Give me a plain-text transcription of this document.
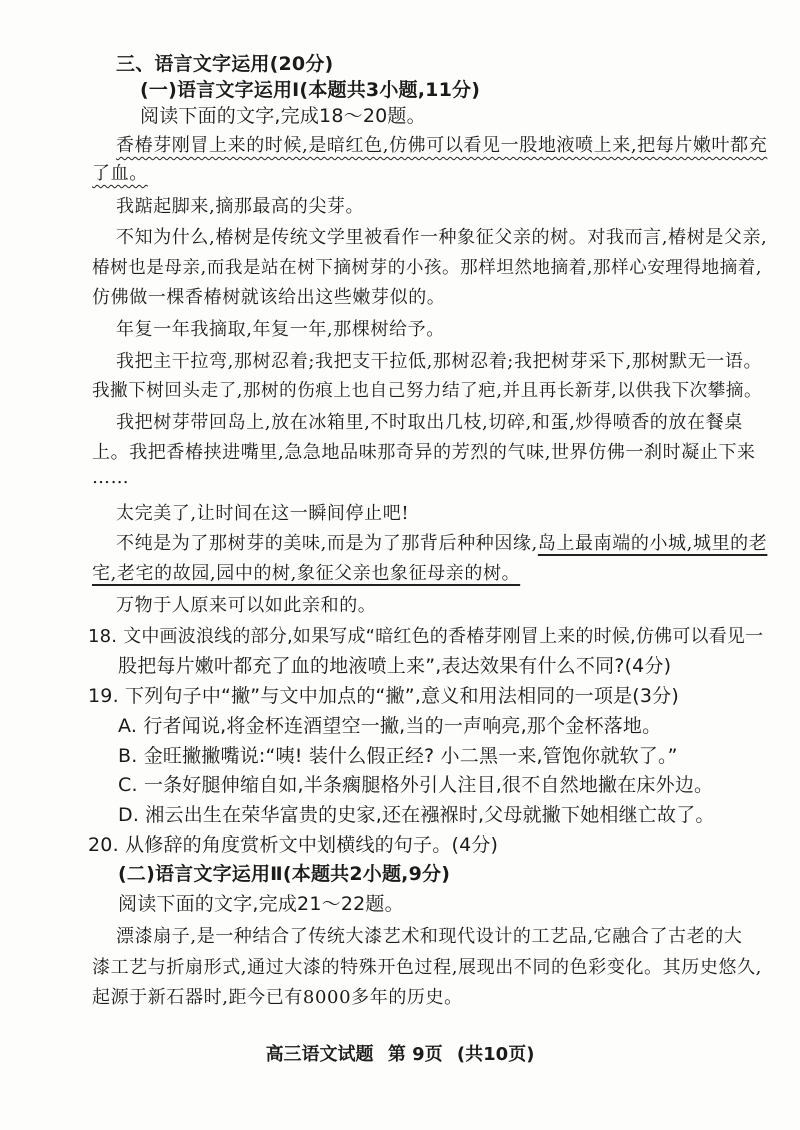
三、语言文字运用(20分)
(一)语言文字运用Ⅰ(本题共3小题,11分)
阅读下面的文字,完成18～20题。
香椿芽刚冒上来的时候,是暗红色,仿佛可以看见一股地液喷上来,把每片嫩叶都充
了血。
我踮起脚来,摘那最高的尖芽。
不知为什么,椿树是传统文学里被看作一种象征父亲的树。对我而言,椿树是父亲,
椿树也是母亲,而我是站在树下摘树芽的小孩。那样坦然地摘着,那样心安理得地摘着,
仿佛做一棵香椿树就该给出这些嫩芽似的。
年复一年我摘取,年复一年,那棵树给予。
我把主干拉弯,那树忍着;我把支干拉低,那树忍着;我把树芽采下,那树默无一语。
我撇下树回头走了,那树的伤痕上也自己努力结了疤,并且再长新芽,以供我下次攀摘。
我把树芽带回岛上,放在冰箱里,不时取出几枝,切碎,和蛋,炒得喷香的放在餐桌
上。我把香椿挟进嘴里,急急地品味那奇异的芳烈的气味,世界仿佛一刹时凝止下来
……
太完美了,让时间在这一瞬间停止吧!
不纯是为了那树芽的美味,而是为了那背后种种因缘,岛上最南端的小城,城里的老
宅,老宅的故园,园中的树,象征父亲也象征母亲的树。
万物于人原来可以如此亲和的。
18. 文中画波浪线的部分,如果写成“暗红色的香椿芽刚冒上来的时候,仿佛可以看见一
股把每片嫩叶都充了血的地液喷上来”,表达效果有什么不同?(4分)
19. 下列句子中“撇”与文中加点的“撇”,意义和用法相同的一项是(3分)
A. 行者闻说,将金杯连酒望空一撇,当的一声响亮,那个金杯落地。
B. 金旺撇撇嘴说:“咦! 装什么假正经? 小二黑一来,管饱你就软了。”
C. 一条好腿伸缩自如,半条瘸腿格外引人注目,很不自然地撇在床外边。
D. 湘云出生在荣华富贵的史家,还在襁褓时,父母就撇下她相继亡故了。
20. 从修辞的角度赏析文中划横线的句子。(4分)
(二)语言文字运用Ⅱ(本题共2小题,9分)
阅读下面的文字,完成21～22题。
漂漆扇子,是一种结合了传统大漆艺术和现代设计的工艺品,它融合了古老的大
漆工艺与折扇形式,通过大漆的特殊开色过程,展现出不同的色彩变化。其历史悠久,
起源于新石器时,距今已有8000多年的历史。
高三语文试题 第 9页 (共10页)
